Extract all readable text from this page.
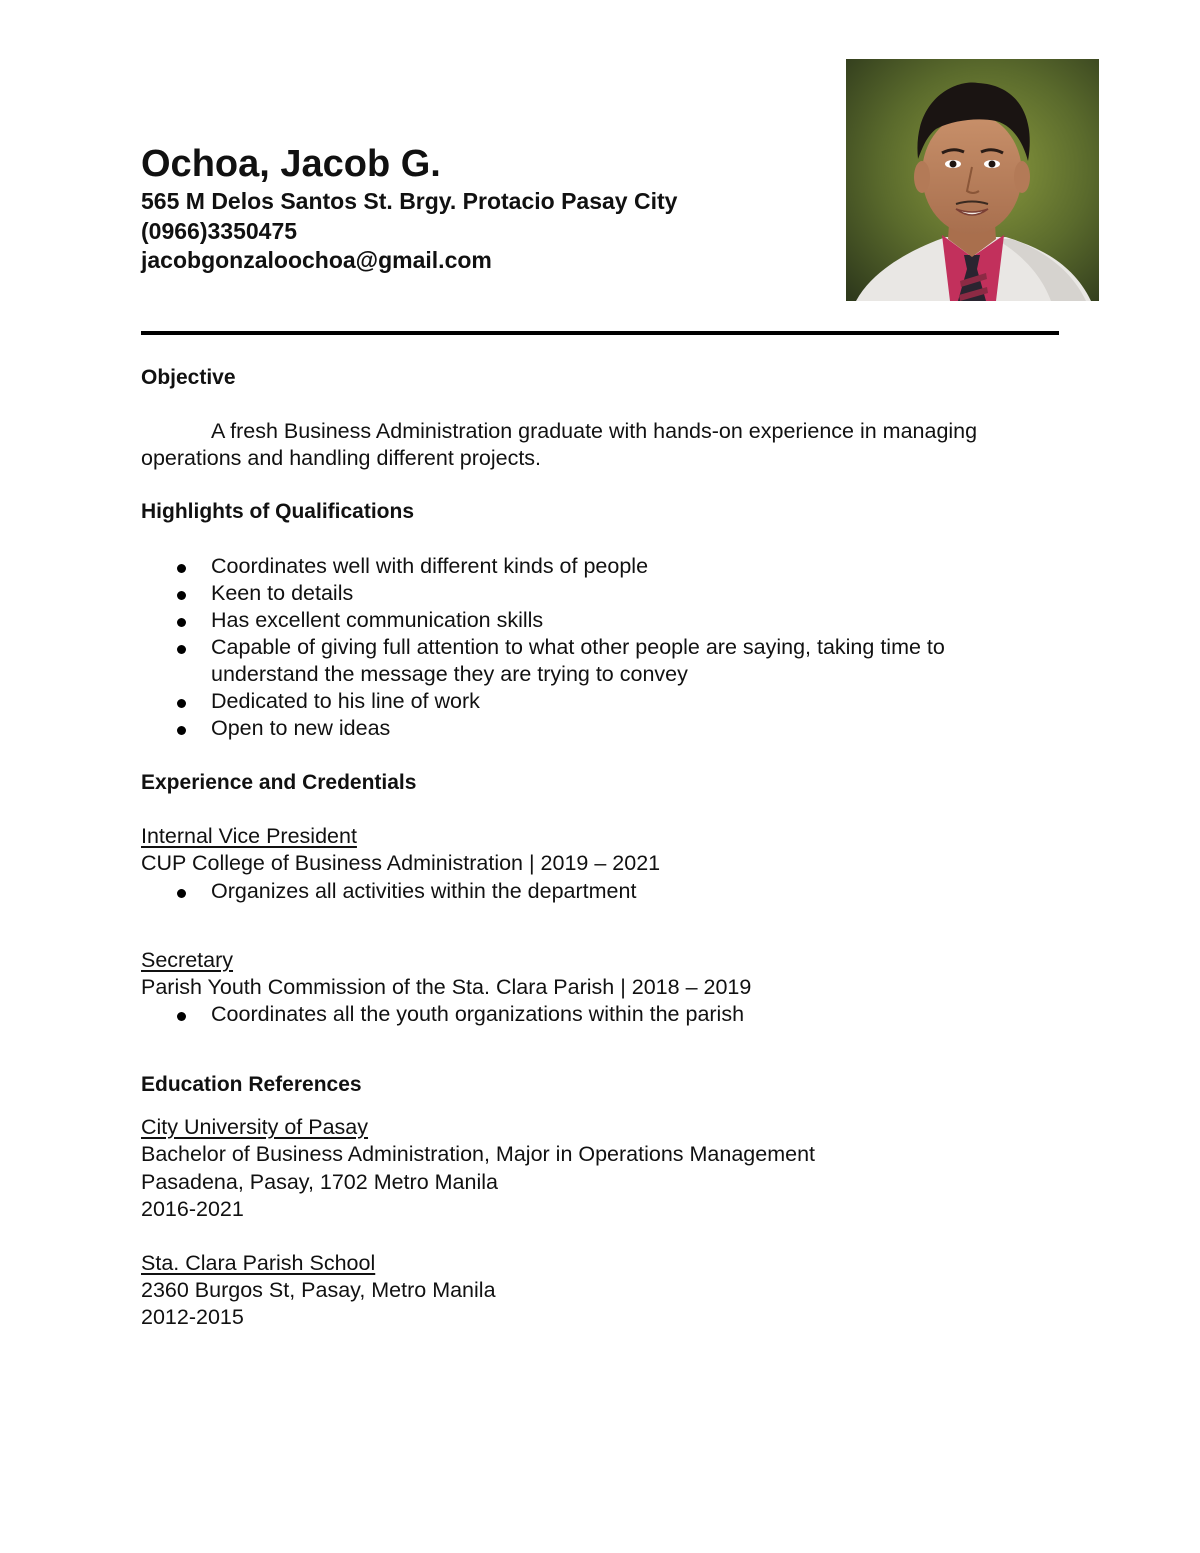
Ochoa, Jacob G.
565 M Delos Santos St. Brgy. Protacio Pasay City
(0966)3350475
jacobgonzaloochoa@gmail.com
Objective
A fresh Business Administration graduate with hands-on experience in managing operations and handling different projects.
Highlights of Qualifications
Coordinates well with different kinds of people
Keen to details
Has excellent communication skills
Capable of giving full attention to what other people are saying, taking time to understand the message they are trying to convey
Dedicated to his line of work
Open to new ideas
Experience and Credentials
Internal Vice President
CUP College of Business Administration | 2019 – 2021
Organizes all activities within the department
Secretary
Parish Youth Commission of the Sta. Clara Parish | 2018 – 2019
Coordinates all the youth organizations within the parish
Education References
City University of Pasay
Bachelor of Business Administration, Major in Operations Management
Pasadena, Pasay, 1702 Metro Manila
2016-2021
Sta. Clara Parish School
2360 Burgos St, Pasay, Metro Manila
2012-2015
